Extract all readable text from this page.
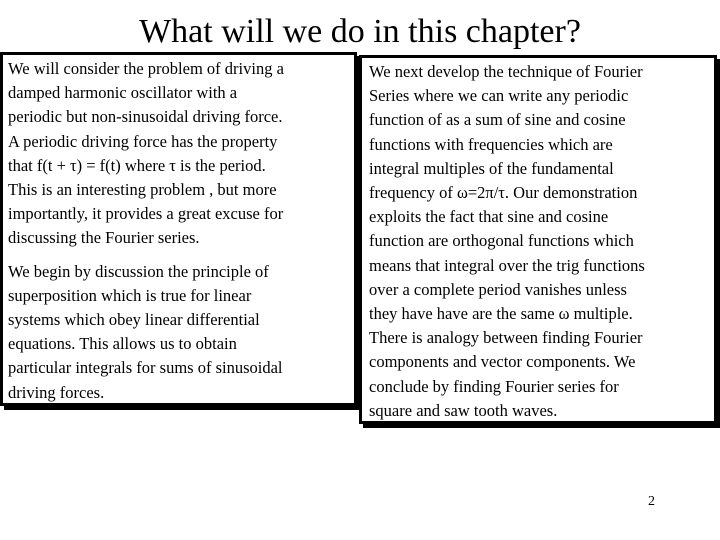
What will we do in this chapter?

We will consider the problem of driving a
damped harmonic oscillator with a
periodic but non-sinusoidal driving force.
A periodic driving force has the property
that f(t + τ) = f(t) where τ is the period.
This is an interesting problem , but more
importantly, it provides a great excuse for
discussing the Fourier series.

We begin by discussion the principle of
superposition which is true for linear
systems which obey linear differential
equations. This allows us to obtain
particular integrals for sums of sinusoidal
driving forces.

We next develop the technique of Fourier
Series where we can write any periodic
function of as a sum of sine and cosine
functions with frequencies which are
integral multiples of the fundamental
frequency of ω=2π/τ. Our demonstration
exploits the fact that sine and cosine
function are orthogonal functions which
means that integral over the trig functions
over a complete period vanishes unless
they have have are the same ω multiple.
There is analogy between finding Fourier
components and vector components. We
conclude by finding Fourier series for
square and saw tooth waves.

2
